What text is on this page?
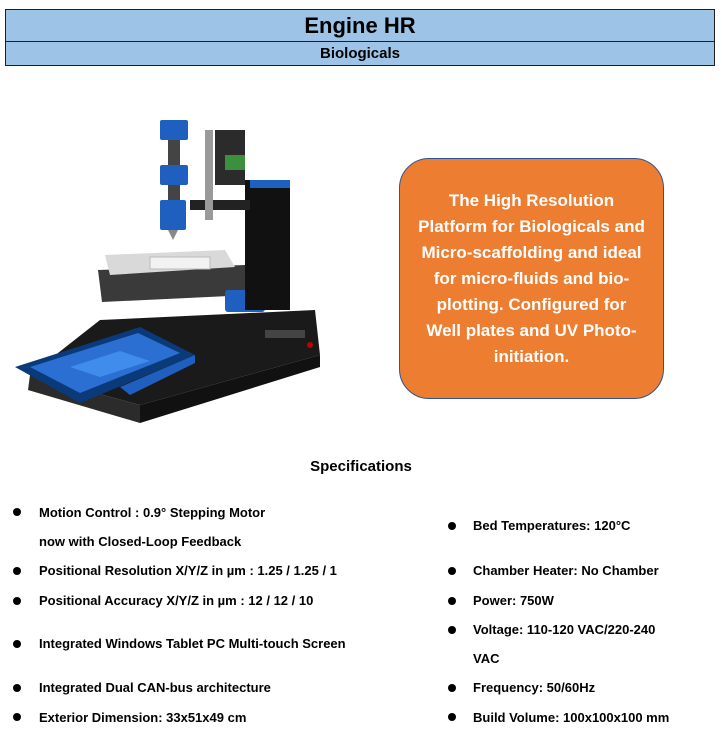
Engine HR
Biologicals

The High Resolution Platform for Biologicals and Micro-scaffolding and ideal for micro-fluids and bio-plotting. Configured for Well plates and UV Photo-initiation.

Specifications
Motion Control : 0.9° Stepping Motor
now with Closed-Loop Feedback
Positional Resolution X/Y/Z in µm : 1.25 / 1.25 / 1
Positional Accuracy X/Y/Z in µm : 12 / 12 / 10
Integrated Windows Tablet PC Multi-touch Screen
Integrated Dual CAN-bus architecture
Exterior Dimension: 33x51x49 cm
Bed Temperatures: 120°C
Chamber Heater: No Chamber
Power: 750W
Voltage: 110-120 VAC/220-240
VAC
Frequency: 50/60Hz
Build Volume: 100x100x100 mm
